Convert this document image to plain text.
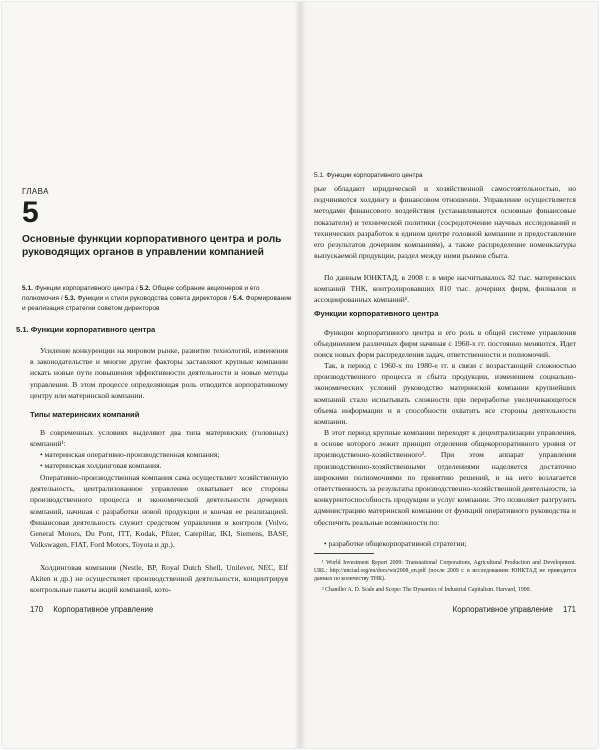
ГЛАВА
5
Основные функции корпоративного центра и роль руководящих органов в управлении компанией
5.1. Функции корпоративного центра / 5.2. Общее собрание акционеров и его полномочия / 5.3. Функции и стили руководства совета директоров / 5.4. Формирование и реализация стратегии советом директоров
5.1. Функции корпоративного центра

Усиление конкуренции на мировом рынке, развитие технологий, изменения в законодательстве и многие другие факторы заставляют крупные компании искать новые пути повышения эффективности деятельности и новые методы управления. В этом процессе определяющая роль отводится корпоративному центру или материнской компании.

Типы материнских компаний

В современных условиях выделяют два типа материнских (головных) компаний¹:

• материнская оперативно-производственная компания;

• материнская холдинговая компания.

Оперативно-производственная компания сама осуществляет хозяйственную деятельность, централизованное управление охватывает все стороны производственного процесса и экономической деятельности дочерних компаний, начиная с разработки новой продукции и кончая ее реализацией. Финансовая деятельность служит средством управления и контроля (Volvo, General Motors, Du Pont, ITT, Kodak, Pfizer, Catepillar, IKI, Siemens, BASF, Volkswagen, FIAT, Ford Motors, Toyota и др.).

Холдинговая компания (Nestle, BP, Royal Dutch Shell, Unilever, NEC, Elf Akiten и др.) не осуществляет производственной деятельности, концентрируя контрольные пакеты акций компаний, кото-

170 Корпоративное управление
5.1. Функции корпоративного центра

рые обладают юридической и хозяйственной самостоятельностью, но подчиняются холдингу в финансовом отношении. Управление осуществляется методами финансового воздействия (устанавливаются основные финансовые показатели) и технической политики (сосредоточение научных исследований и технических разработок в едином центре головной компании и предоставление его результатов дочерним компаниям), а также распределение номенклатуры выпускаемой продукции, раздел между ними рынков сбыта.

По данным ЮНКТАД, в 2008 г. в мире насчитывалось 82 тыс. материнских компаний ТНК, контролировавших 810 тыс. дочерних фирм, филиалов и ассоциированных компаний¹.

Функции корпоративного центра

Функции корпоративного центра и его роль в общей системе управления объединением различных фирм начиная с 1960-х гг. постоянно меняются. Идет поиск новых форм распределения задач, ответственности и полномочий.

Так, в период с 1960-х по 1980-е гг. в связи с возрастающей сложностью производственного процесса и сбыта продукции, изменением социально-экономических условий руководство материнской компании крупнейших компаний стало испытывать сложности при переработке увеличивающегося объема информации и в способности охватить все стороны деятельности компании.

В этот период крупные компании переходят к децентрализации управления, в основе которого лежит принцип отделения общекорпоративного уровня от производственно-хозяйственного². При этом аппарат управления производственно-хозяйственными отделениями наделяется достаточно широкими полномочиями по принятию решений, и на него возлагается ответственность за результаты производственно-хозяйственной деятельности, за конкурентоспособность продукции и услуг компании. Это позволяет разгрузить администрацию материнской компании от функций оперативного руководства и обеспечить реальные возможности по:

• разработке общекорпоративной стратегии;

¹ World Investment Report 2009: Transnational Corporations, Agricultural Production and Development. URL: http://unctad.org/en/docs/wir2008_en.pdf (после 2009 г. в исследованиях ЮНКТАД не приводится данных по количеству ТНК).
² Chandler A. D. Scale and Scope: The Dynamics of Industrial Capitalism. Harvard, 1990.
Корпоративное управление 171
